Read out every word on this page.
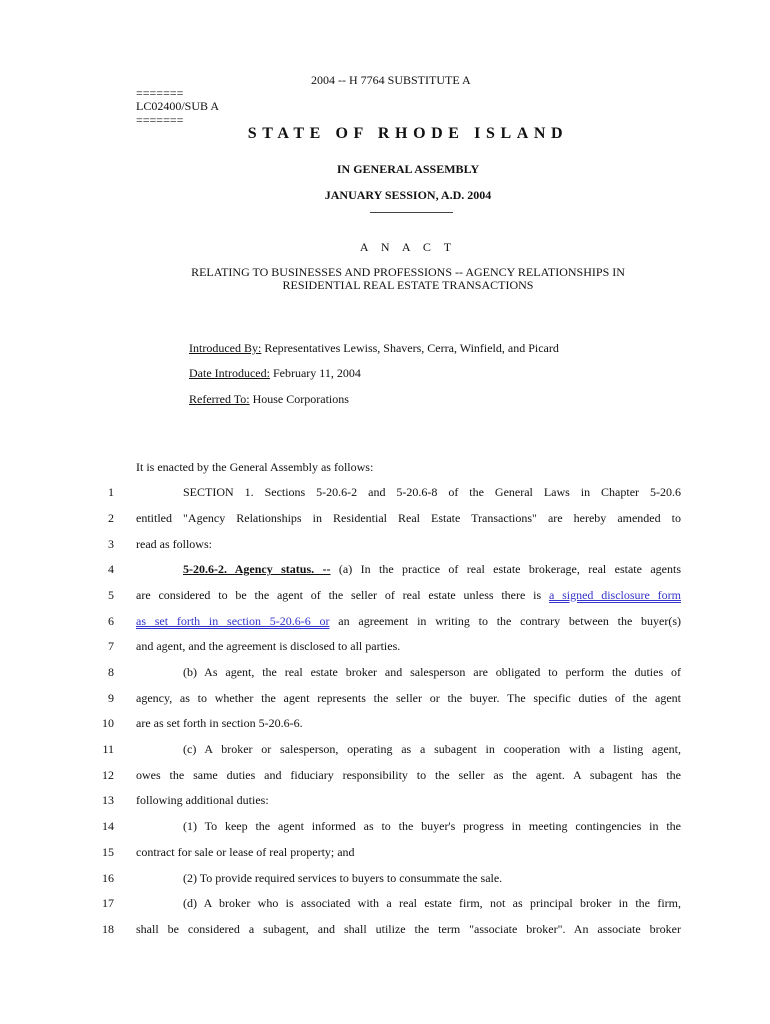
2004 -- H 7764 SUBSTITUTE A
=======
LC02400/SUB A
=======
STATE OF RHODE ISLAND
IN GENERAL ASSEMBLY
JANUARY SESSION, A.D. 2004
A N A C T
RELATING TO BUSINESSES AND PROFESSIONS -- AGENCY RELATIONSHIPS IN
RESIDENTIAL REAL ESTATE TRANSACTIONS
Introduced By: Representatives Lewiss, Shavers, Cerra, Winfield, and Picard
Date Introduced: February 11, 2004
Referred To: House Corporations
It is enacted by the General Assembly as follows:
1	SECTION 1. Sections 5-20.6-2 and 5-20.6-8 of the General Laws in Chapter 5-20.6
2 entitled "Agency Relationships in Residential Real Estate Transactions" are hereby amended to
3 read as follows:
4	5-20.6-2. Agency status. -- (a) In the practice of real estate brokerage, real estate agents
5 are considered to be the agent of the seller of real estate unless there is a signed disclosure form
6 as set forth in section 5-20.6-6 or an agreement in writing to the contrary between the buyer(s)
7 and agent, and the agreement is disclosed to all parties.
8	(b) As agent, the real estate broker and salesperson are obligated to perform the duties of
9 agency, as to whether the agent represents the seller or the buyer. The specific duties of the agent
10 are as set forth in section 5-20.6-6.
11	(c) A broker or salesperson, operating as a subagent in cooperation with a listing agent,
12 owes the same duties and fiduciary responsibility to the seller as the agent. A subagent has the
13 following additional duties:
14	(1) To keep the agent informed as to the buyer's progress in meeting contingencies in the
15 contract for sale or lease of real property; and
16	(2) To provide required services to buyers to consummate the sale.
17	(d) A broker who is associated with a real estate firm, not as principal broker in the firm,
18 shall be considered a subagent, and shall utilize the term "associate broker". An associate broker
